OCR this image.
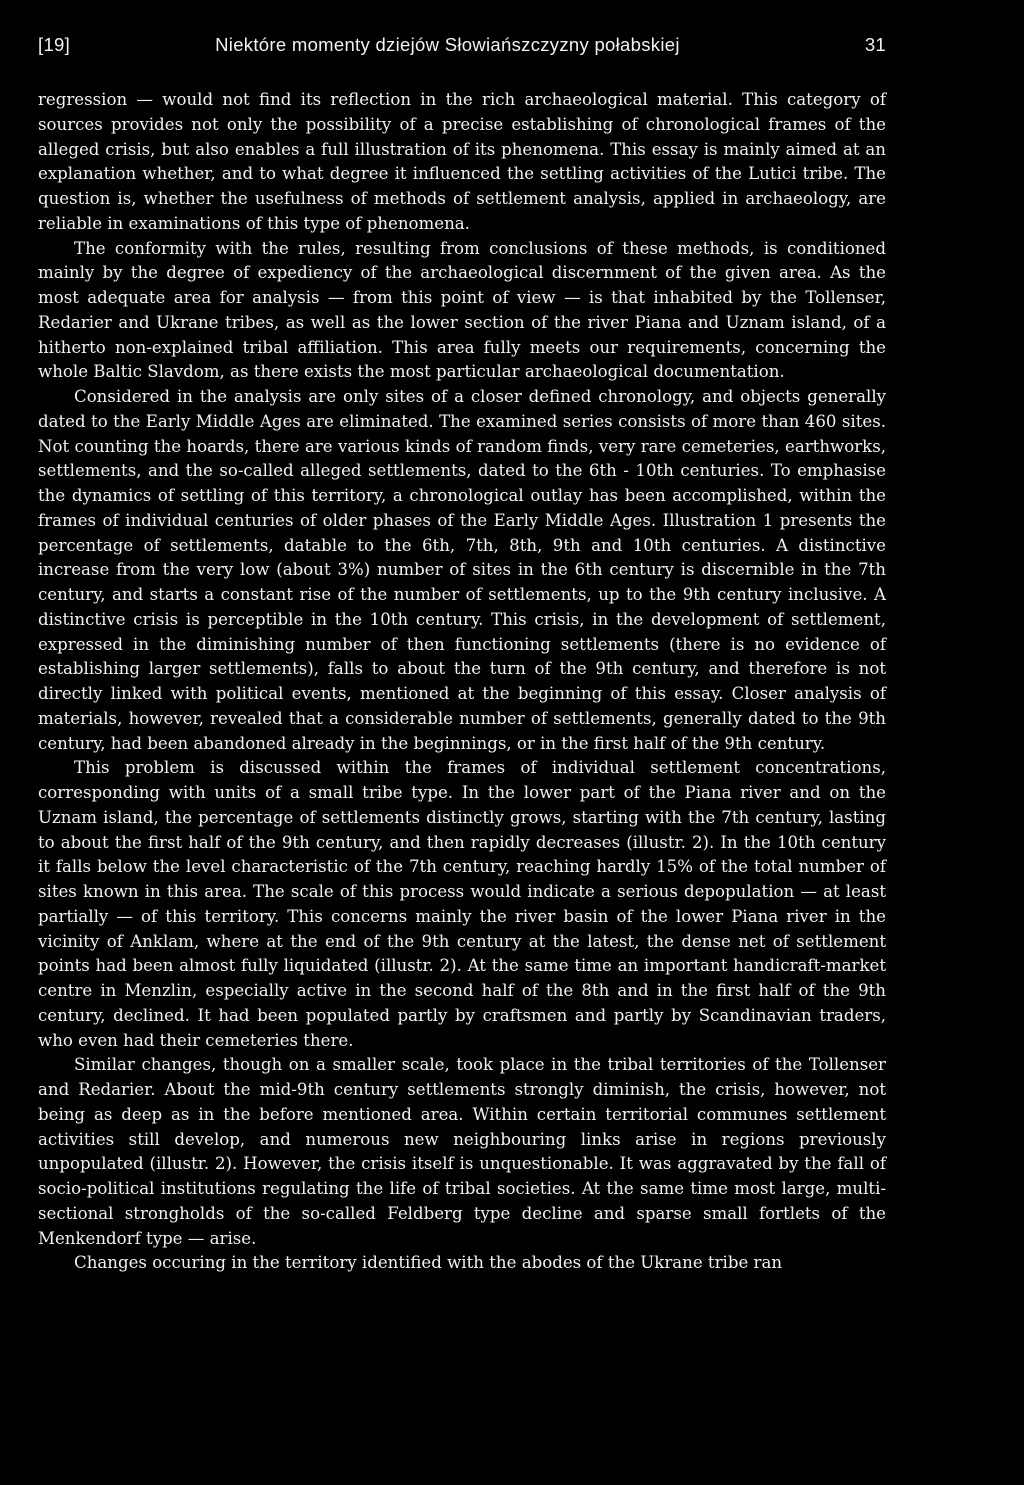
[19]	Niektóre momenty dziejów Słowiańszczyzny połabskiej	31

regression — would not find its reflection in the rich archaeological material. This category of sources provides not only the possibility of a precise establishing of chronological frames of the alleged crisis, but also enables a full illustration of its phenomena. This essay is mainly aimed at an explanation whether, and to what degree it influenced the settling activities of the Lutici tribe. The question is, whether the usefulness of methods of settlement analysis, applied in archaeology, are reliable in examinations of this type of phenomena.

The conformity with the rules, resulting from conclusions of these methods, is conditioned mainly by the degree of expediency of the archaeological discernment of the given area. As the most adequate area for analysis — from this point of view — is that inhabited by the Tollenser, Redarier and Ukrane tribes, as well as the lower section of the river Piana and Uznam island, of a hitherto non-explained tribal affiliation. This area fully meets our requirements, concerning the whole Baltic Slavdom, as there exists the most particular archaeological documentation.

Considered in the analysis are only sites of a closer defined chronology, and objects generally dated to the Early Middle Ages are eliminated. The examined series consists of more than 460 sites. Not counting the hoards, there are various kinds of random finds, very rare cemeteries, earthworks, settlements, and the so-called alleged settlements, dated to the 6th - 10th centuries. To emphasise the dynamics of settling of this territory, a chronological outlay has been accomplished, within the frames of individual centuries of older phases of the Early Middle Ages. Illustration 1 presents the percentage of settlements, datable to the 6th, 7th, 8th, 9th and 10th centuries. A distinctive increase from the very low (about 3%) number of sites in the 6th century is discernible in the 7th century, and starts a constant rise of the number of settlements, up to the 9th century inclusive. A distinctive crisis is perceptible in the 10th century. This crisis, in the development of settlement, expressed in the diminishing number of then functioning settlements (there is no evidence of establishing larger settlements), falls to about the turn of the 9th century, and therefore is not directly linked with political events, mentioned at the beginning of this essay. Closer analysis of materials, however, revealed that a considerable number of settlements, generally dated to the 9th century, had been abandoned already in the beginnings, or in the first half of the 9th century.

This problem is discussed within the frames of individual settlement concentrations, corresponding with units of a small tribe type. In the lower part of the Piana river and on the Uznam island, the percentage of settlements distinctly grows, starting with the 7th century, lasting to about the first half of the 9th century, and then rapidly decreases (illustr. 2). In the 10th century it falls below the level characteristic of the 7th century, reaching hardly 15% of the total number of sites known in this area. The scale of this process would indicate a serious depopulation — at least partially — of this territory. This concerns mainly the river basin of the lower Piana river in the vicinity of Anklam, where at the end of the 9th century at the latest, the dense net of settlement points had been almost fully liquidated (illustr. 2). At the same time an important handicraft-market centre in Menzlin, especially active in the second half of the 8th and in the first half of the 9th century, declined. It had been populated partly by craftsmen and partly by Scandinavian traders, who even had their cemeteries there.

Similar changes, though on a smaller scale, took place in the tribal territories of the Tollenser and Redarier. About the mid-9th century settlements strongly diminish, the crisis, however, not being as deep as in the before mentioned area. Within certain territorial communes settlement activities still develop, and numerous new neighbouring links arise in regions previously unpopulated (illustr. 2). However, the crisis itself is unquestionable. It was aggravated by the fall of socio-political institutions regulating the life of tribal societies. At the same time most large, multi-sectional strongholds of the so-called Feldberg type decline and sparse small fortlets of the Menkendorf type — arise.

Changes occuring in the territory identified with the abodes of the Ukrane tribe ran
